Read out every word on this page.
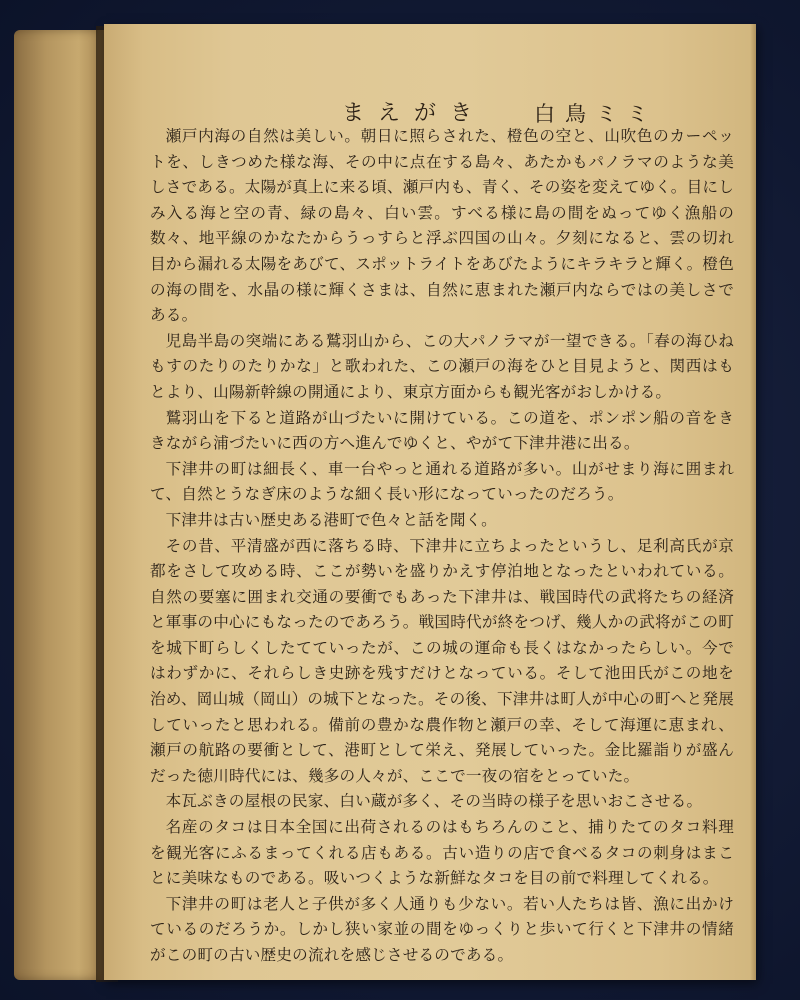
まえがき 白鳥ミミ

瀬戸内海の自然は美しい。朝日に照らされた、橙色の空と、山吹色のカーペットを、しきつめた様な海、その中に点在する島々、あたかもパノラマのような美しさである。太陽が真上に来る頃、瀬戸内も、青く、その姿を変えてゆく。目にしみ入る海と空の青、緑の島々、白い雲。すべる様に島の間をぬってゆく漁船の数々、地平線のかなたからうっすらと浮ぶ四国の山々。夕刻になると、雲の切れ目から漏れる太陽をあびて、スポットライトをあびたようにキラキラと輝く。橙色の海の間を、水晶の様に輝くさまは、自然に恵まれた瀬戸内ならではの美しさである。

児島半島の突端にある鷲羽山から、この大パノラマが一望できる。「春の海ひねもすのたりのたりかな」と歌われた、この瀬戸の海をひと目見ようと、関西はもとより、山陽新幹線の開通により、東京方面からも観光客がおしかける。

鷲羽山を下ると道路が山づたいに開けている。この道を、ポンポン船の音をききながら浦づたいに西の方へ進んでゆくと、やがて下津井港に出る。

下津井の町は細長く、車一台やっと通れる道路が多い。山がせまり海に囲まれて、自然とうなぎ床のような細く長い形になっていったのだろう。

下津井は古い歴史ある港町で色々と話を聞く。

その昔、平清盛が西に落ちる時、下津井に立ちよったというし、足利高氏が京都をさして攻める時、ここが勢いを盛りかえす停泊地となったといわれている。自然の要塞に囲まれ交通の要衝でもあった下津井は、戦国時代の武将たちの経済と軍事の中心にもなったのであろう。戦国時代が終をつげ、幾人かの武将がこの町を城下町らしくしたてていったが、この城の運命も長くはなかったらしい。今ではわずかに、それらしき史跡を残すだけとなっている。そして池田氏がこの地を治め、岡山城（岡山）の城下となった。その後、下津井は町人が中心の町へと発展していったと思われる。備前の豊かな農作物と瀬戸の幸、そして海運に恵まれ、瀬戸の航路の要衝として、港町として栄え、発展していった。金比羅詣りが盛んだった徳川時代には、幾多の人々が、ここで一夜の宿をとっていた。

本瓦ぶきの屋根の民家、白い蔵が多く、その当時の様子を思いおこさせる。

名産のタコは日本全国に出荷されるのはもちろんのこと、捕りたてのタコ料理を観光客にふるまってくれる店もある。古い造りの店で食べるタコの刺身はまことに美味なものである。吸いつくような新鮮なタコを目の前で料理してくれる。

下津井の町は老人と子供が多く人通りも少ない。若い人たちは皆、漁に出かけているのだろうか。しかし狭い家並の間をゆっくりと歩いて行くと下津井の情緒がこの町の古い歴史の流れを感じさせるのである。
